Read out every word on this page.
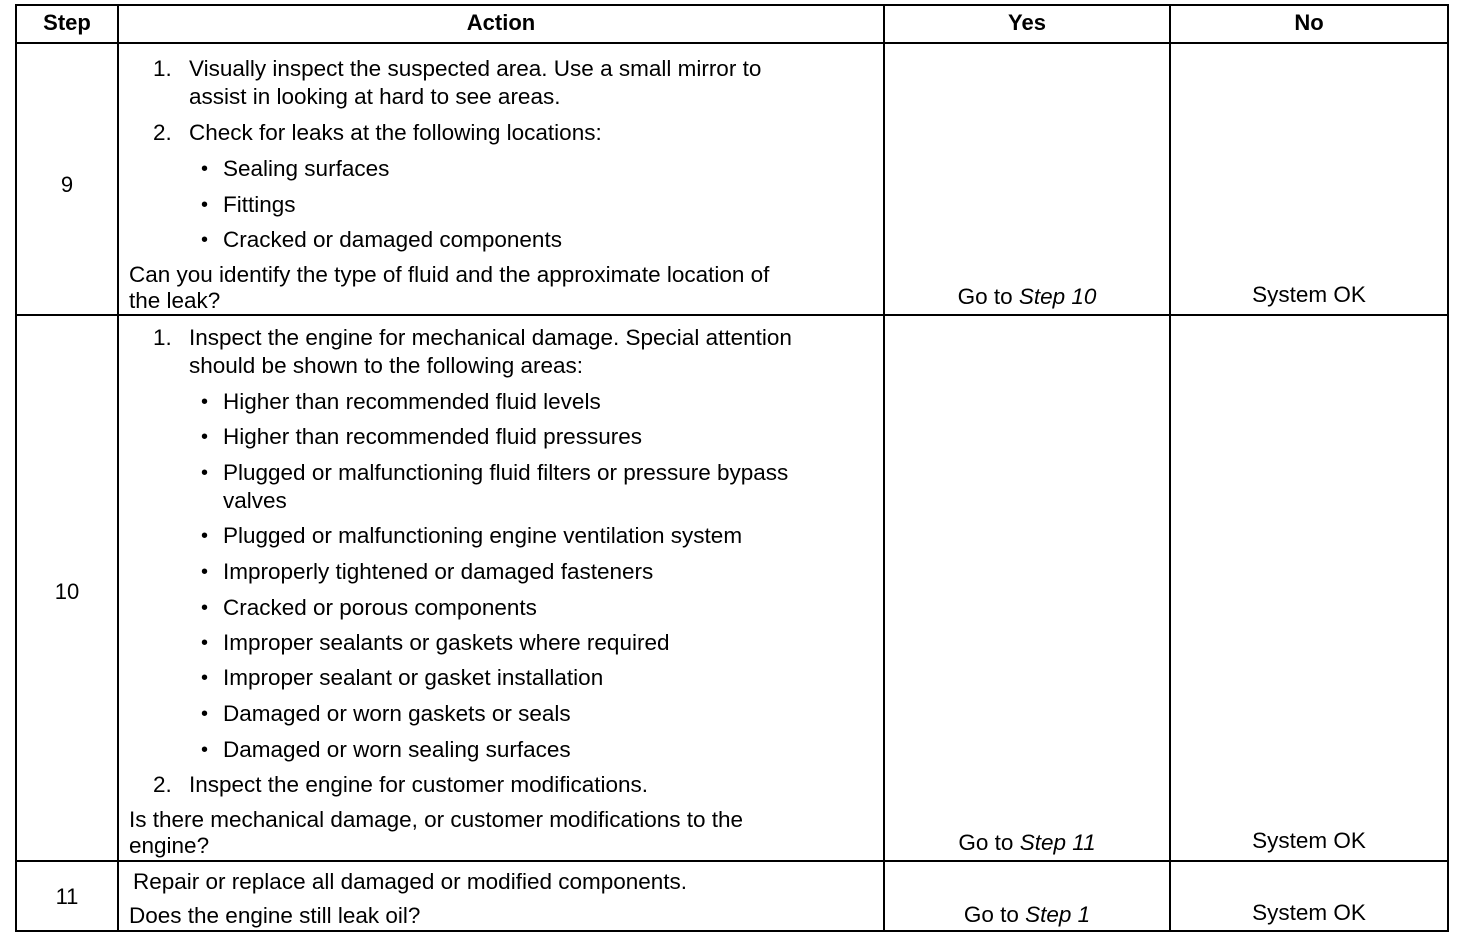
Step	Action	Yes	No
9
1. Visually inspect the suspected area. Use a small mirror to
assist in looking at hard to see areas.
2. Check for leaks at the following locations:
• Sealing surfaces
• Fittings
• Cracked or damaged components
Can you identify the type of fluid and the approximate location of
the leak?	Go to Step 10	System OK
10
1. Inspect the engine for mechanical damage. Special attention
should be shown to the following areas:
• Higher than recommended fluid levels
• Higher than recommended fluid pressures
• Plugged or malfunctioning fluid filters or pressure bypass
valves
• Plugged or malfunctioning engine ventilation system
• Improperly tightened or damaged fasteners
• Cracked or porous components
• Improper sealants or gaskets where required
• Improper sealant or gasket installation
• Damaged or worn gaskets or seals
• Damaged or worn sealing surfaces
2. Inspect the engine for customer modifications.
Is there mechanical damage, or customer modifications to the
engine?	Go to Step 11	System OK
11
Repair or replace all damaged or modified components.
Does the engine still leak oil?	Go to Step 1	System OK
